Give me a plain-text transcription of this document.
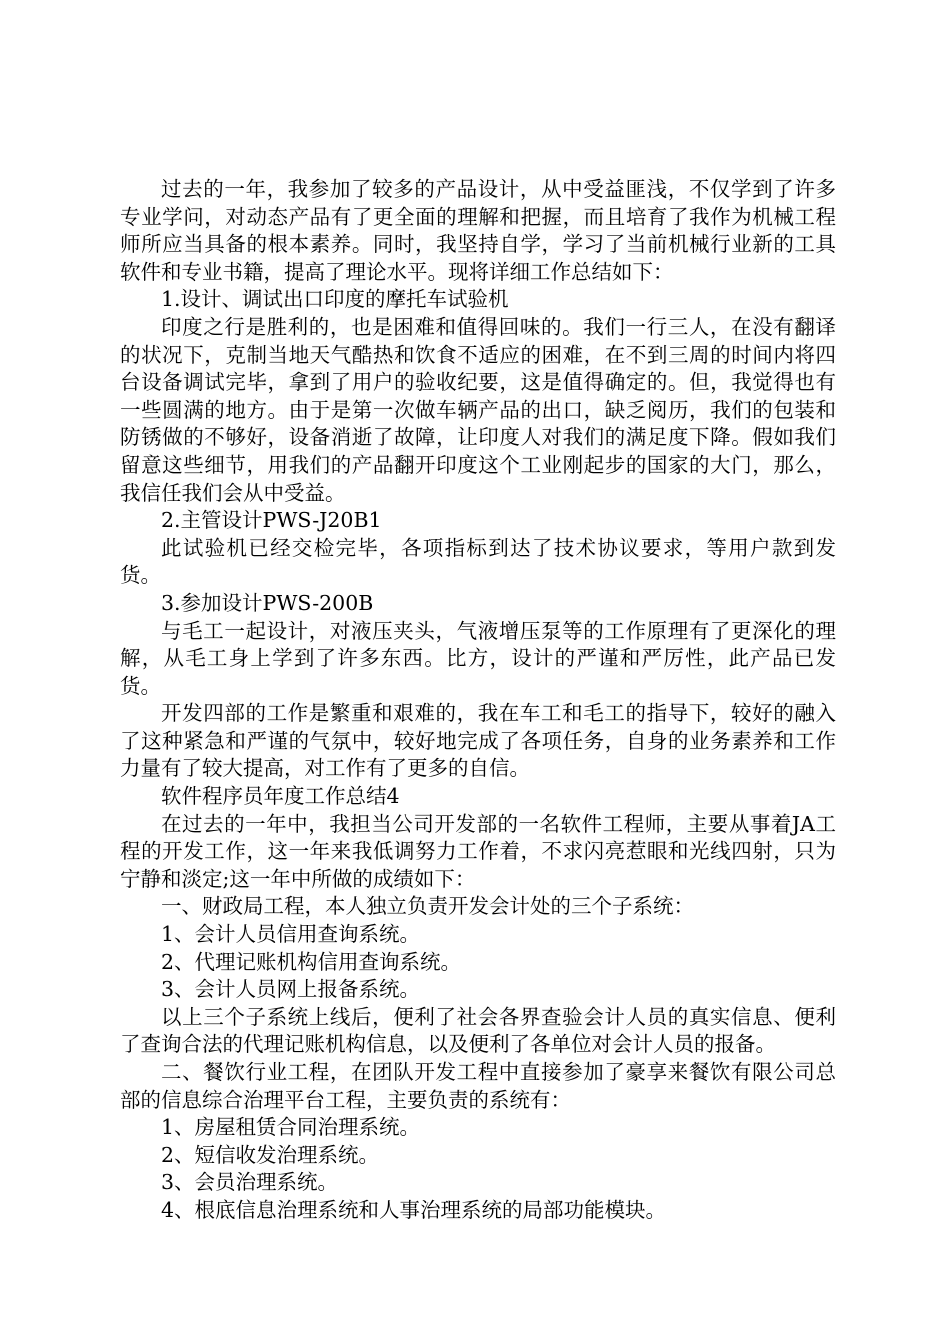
过去的一年，我参加了较多的产品设计，从中受益匪浅，不仅学到了许多专业学问，对动态产品有了更全面的理解和把握，而且培育了我作为机械工程师所应当具备的根本素养。同时，我坚持自学，学习了当前机械行业新的工具软件和专业书籍，提高了理论水平。现将详细工作总结如下：

1.设计、调试出口印度的摩托车试验机

印度之行是胜利的，也是困难和值得回味的。我们一行三人，在没有翻译的状况下，克制当地天气酷热和饮食不适应的困难，在不到三周的时间内将四台设备调试完毕，拿到了用户的验收纪要，这是值得确定的。但，我觉得也有一些圆满的地方。由于是第一次做车辆产品的出口，缺乏阅历，我们的包装和防锈做的不够好，设备消逝了故障，让印度人对我们的满足度下降。假如我们留意这些细节，用我们的产品翻开印度这个工业刚起步的国家的大门，那么，我信任我们会从中受益。

2.主管设计PWS-J20B1

此试验机已经交检完毕，各项指标到达了技术协议要求，等用户款到发货。

3.参加设计PWS-200B

与毛工一起设计，对液压夹头，气液增压泵等的工作原理有了更深化的理解，从毛工身上学到了许多东西。比方，设计的严谨和严厉性，此产品已发货。

开发四部的工作是繁重和艰难的，我在车工和毛工的指导下，较好的融入了这种紧急和严谨的气氛中，较好地完成了各项任务，自身的业务素养和工作力量有了较大提高，对工作有了更多的自信。

软件程序员年度工作总结4

在过去的一年中，我担当公司开发部的一名软件工程师，主要从事着JA工程的开发工作，这一年来我低调努力工作着，不求闪亮惹眼和光线四射，只为宁静和淡定;这一年中所做的成绩如下：

一、财政局工程，本人独立负责开发会计处的三个子系统：

1、会计人员信用查询系统。

2、代理记账机构信用查询系统。

3、会计人员网上报备系统。

以上三个子系统上线后，便利了社会各界查验会计人员的真实信息、便利了查询合法的代理记账机构信息，以及便利了各单位对会计人员的报备。

二、餐饮行业工程，在团队开发工程中直接参加了豪享来餐饮有限公司总部的信息综合治理平台工程，主要负责的系统有：

1、房屋租赁合同治理系统。

2、短信收发治理系统。

3、会员治理系统。

4、根底信息治理系统和人事治理系统的局部功能模块。
